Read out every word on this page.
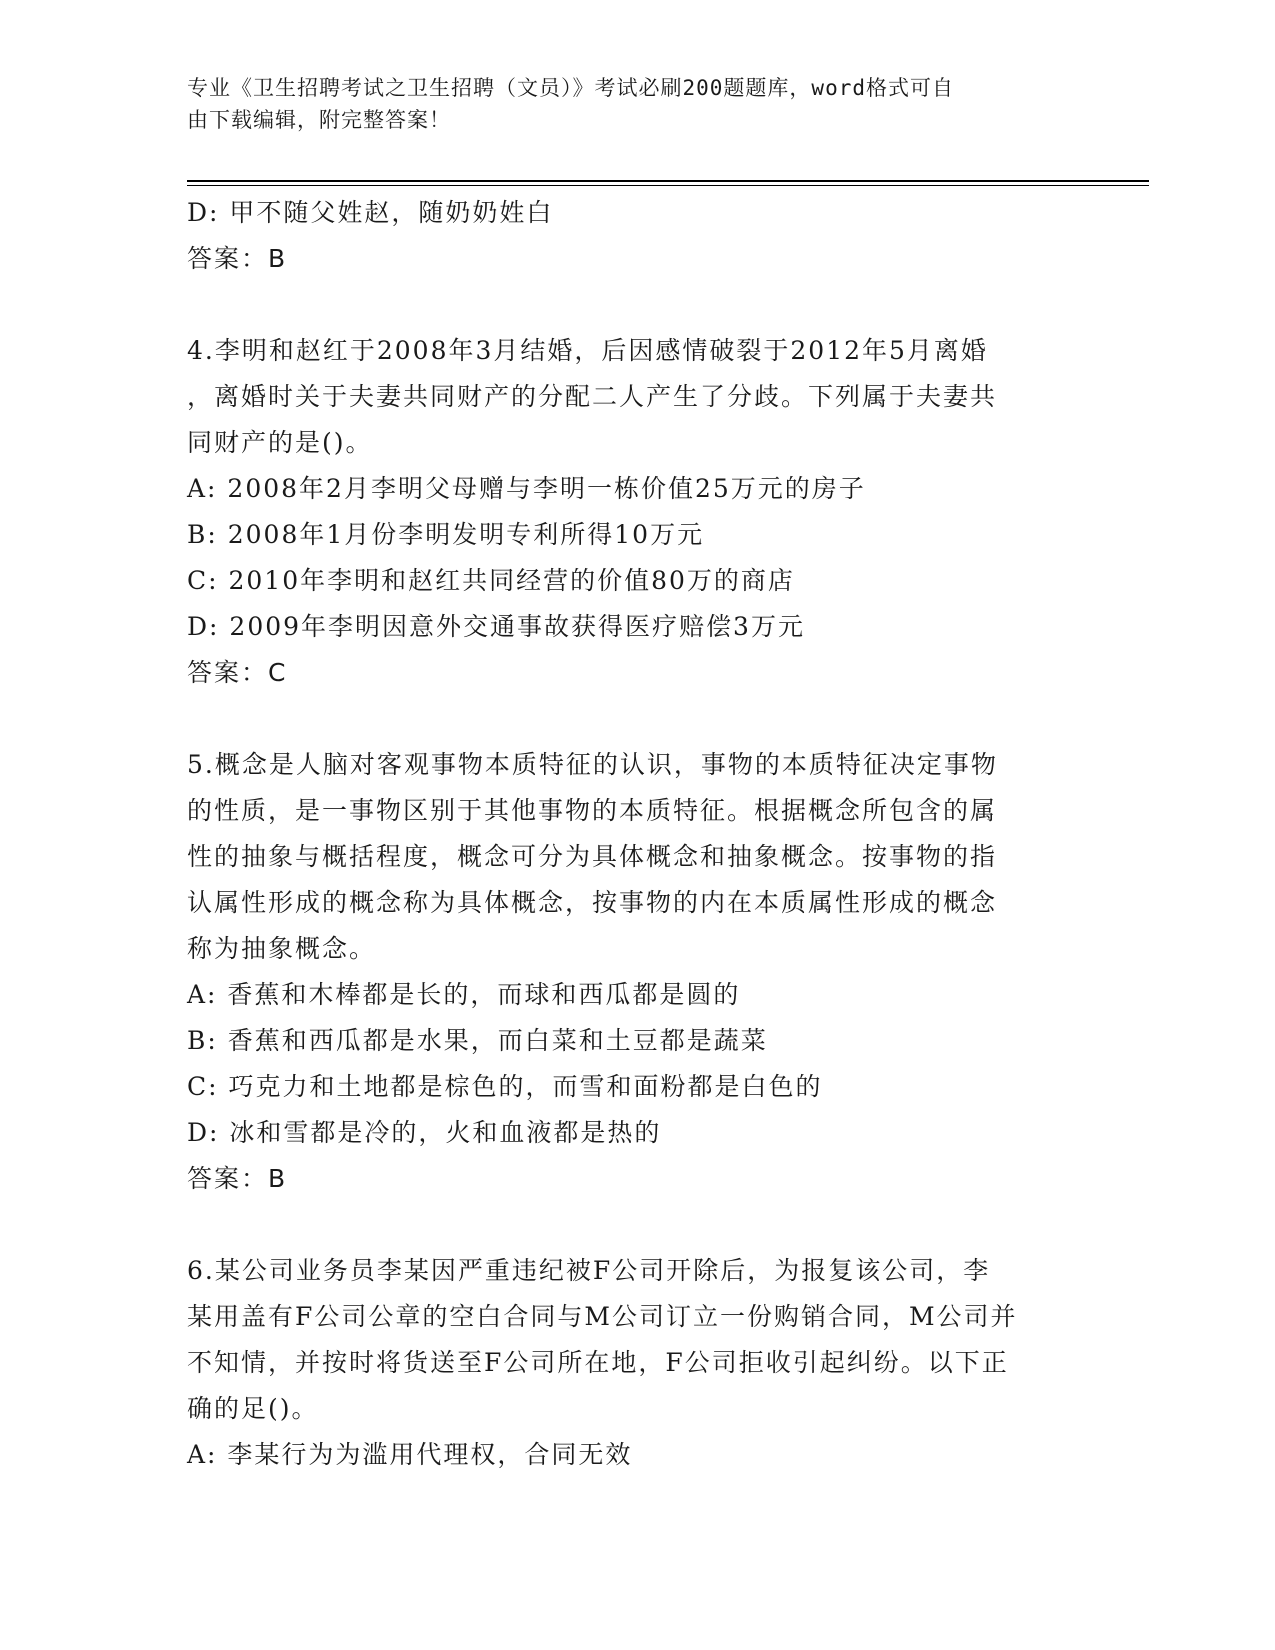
专业《卫生招聘考试之卫生招聘（文员）》考试必刷200题题库，word格式可自
由下载编辑，附完整答案！
D: 甲不随父姓赵，随奶奶姓白
答案：B
4.李明和赵红于2008年3月结婚，后因感情破裂于2012年5月离婚
，离婚时关于夫妻共同财产的分配二人产生了分歧。下列属于夫妻共
同财产的是()。
A: 2008年2月李明父母赠与李明一栋价值25万元的房子
B: 2008年1月份李明发明专利所得10万元
C: 2010年李明和赵红共同经营的价值80万的商店
D: 2009年李明因意外交通事故获得医疗赔偿3万元
答案：C
5.概念是人脑对客观事物本质特征的认识，事物的本质特征决定事物
的性质，是一事物区别于其他事物的本质特征。根据概念所包含的属
性的抽象与概括程度，概念可分为具体概念和抽象概念。按事物的指
认属性形成的概念称为具体概念，按事物的内在本质属性形成的概念
称为抽象概念。
A: 香蕉和木棒都是长的，而球和西瓜都是圆的
B: 香蕉和西瓜都是水果，而白菜和土豆都是蔬菜
C: 巧克力和土地都是棕色的，而雪和面粉都是白色的
D: 冰和雪都是冷的，火和血液都是热的
答案：B
6.某公司业务员李某因严重违纪被F公司开除后，为报复该公司，李
某用盖有F公司公章的空白合同与M公司订立一份购销合同，M公司并
不知情，并按时将货送至F公司所在地，F公司拒收引起纠纷。以下正
确的足()。
A: 李某行为为滥用代理权，合同无效
